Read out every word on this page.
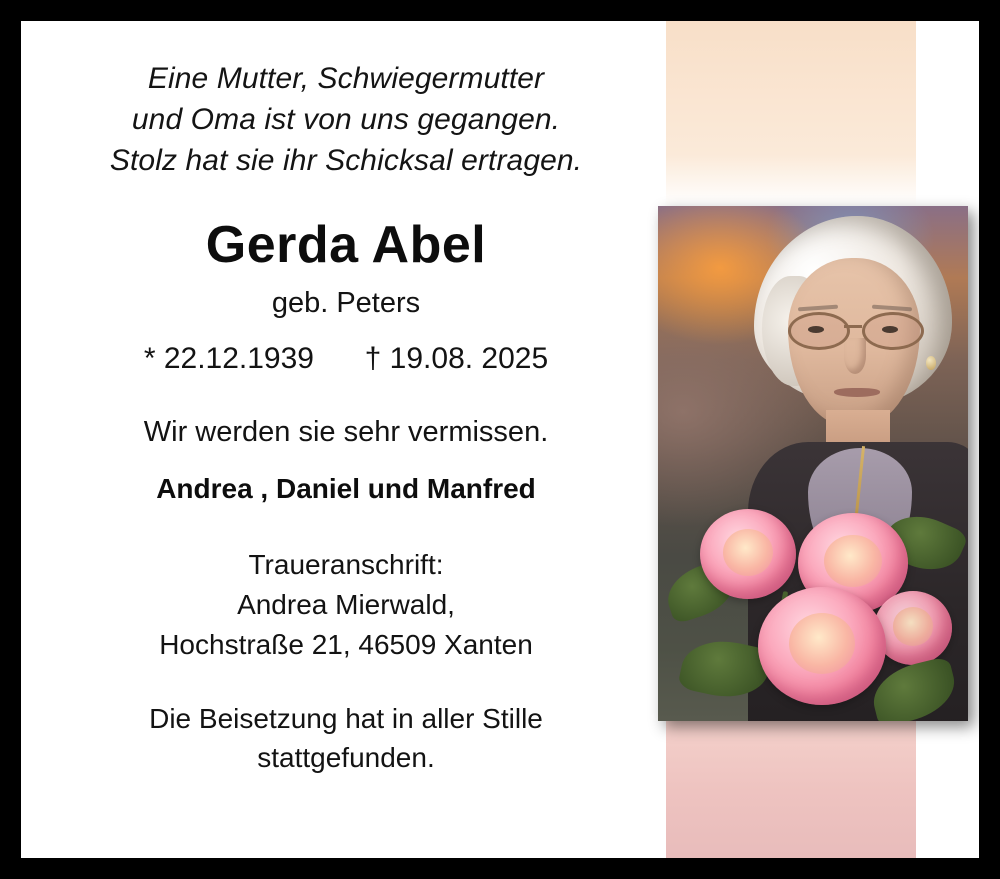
Eine Mutter, Schwiegermutter
und Oma ist von uns gegangen.
Stolz hat sie ihr Schicksal ertragen.
Gerda Abel
geb. Peters
* 22.12.1939 † 19.08. 2025
Wir werden sie sehr vermissen.
Andrea , Daniel und Manfred
Traueranschrift:
Andrea Mierwald,
Hochstraße 21, 46509 Xanten
Die Beisetzung hat in aller Stille
stattgefunden.
